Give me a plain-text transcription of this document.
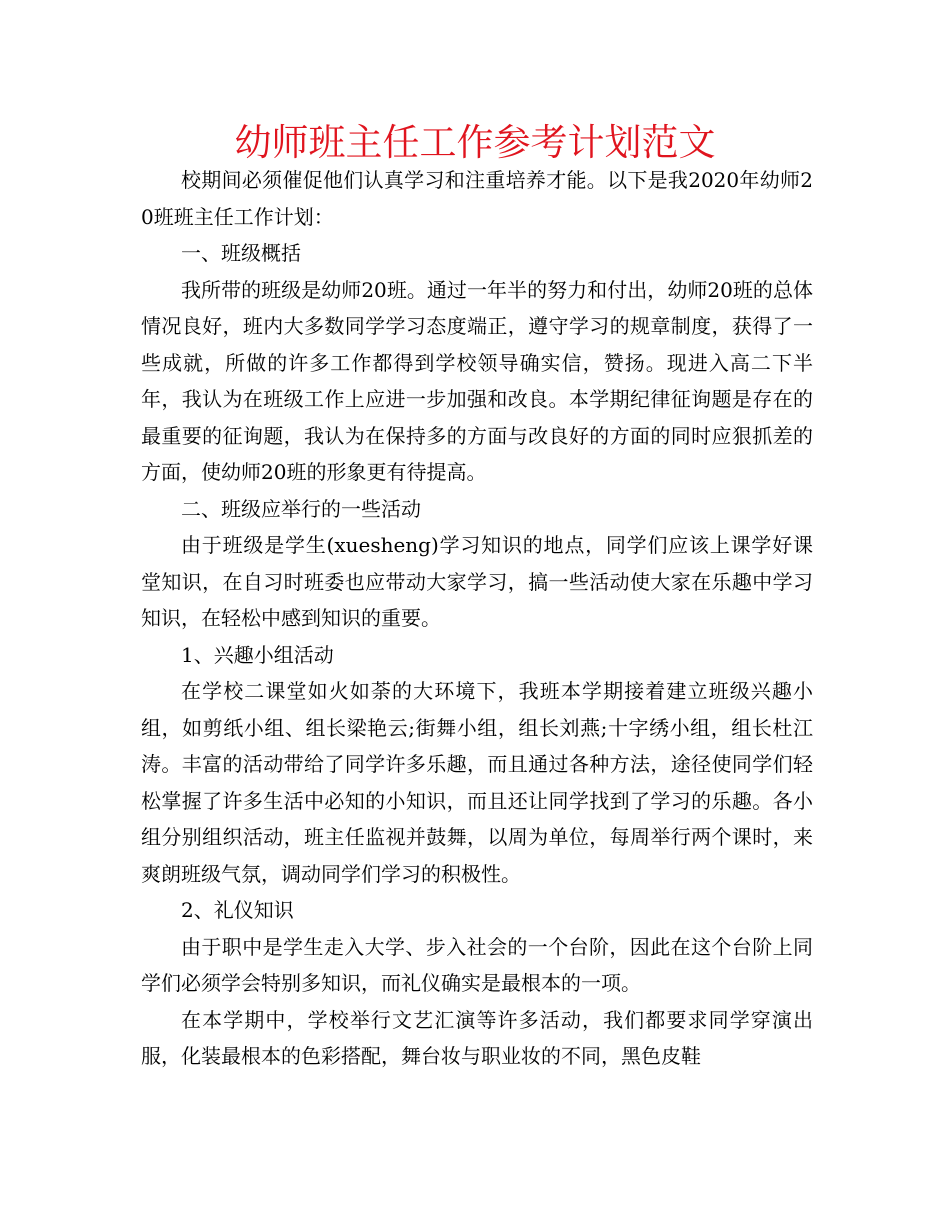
幼师班主任工作参考计划范文

校期间必须催促他们认真学习和注重培养才能。以下是我2020年幼师20班班主任工作计划：

一、班级概括

我所带的班级是幼师20班。通过一年半的努力和付出，幼师20班的总体情况良好，班内大多数同学学习态度端正，遵守学习的规章制度，获得了一些成就，所做的许多工作都得到学校领导确实信，赞扬。现进入高二下半年，我认为在班级工作上应进一步加强和改良。本学期纪律征询题是存在的最重要的征询题，我认为在保持多的方面与改良好的方面的同时应狠抓差的方面，使幼师20班的形象更有待提高。

二、班级应举行的一些活动

由于班级是学生(xuesheng)学习知识的地点，同学们应该上课学好课堂知识，在自习时班委也应带动大家学习，搞一些活动使大家在乐趣中学习知识，在轻松中感到知识的重要。

1、兴趣小组活动

在学校二课堂如火如荼的大环境下，我班本学期接着建立班级兴趣小组，如剪纸小组、组长梁艳云;街舞小组，组长刘燕;十字绣小组，组长杜江涛。丰富的活动带给了同学许多乐趣，而且通过各种方法，途径使同学们轻松掌握了许多生活中必知的小知识，而且还让同学找到了学习的乐趣。各小组分别组织活动，班主任监视并鼓舞，以周为单位，每周举行两个课时，来爽朗班级气氛，调动同学们学习的积极性。

2、礼仪知识

由于职中是学生走入大学、步入社会的一个台阶，因此在这个台阶上同学们必须学会特别多知识，而礼仪确实是最根本的一项。

在本学期中，学校举行文艺汇演等许多活动，我们都要求同学穿演出服，化装最根本的色彩搭配，舞台妆与职业妆的不同，黑色皮鞋
